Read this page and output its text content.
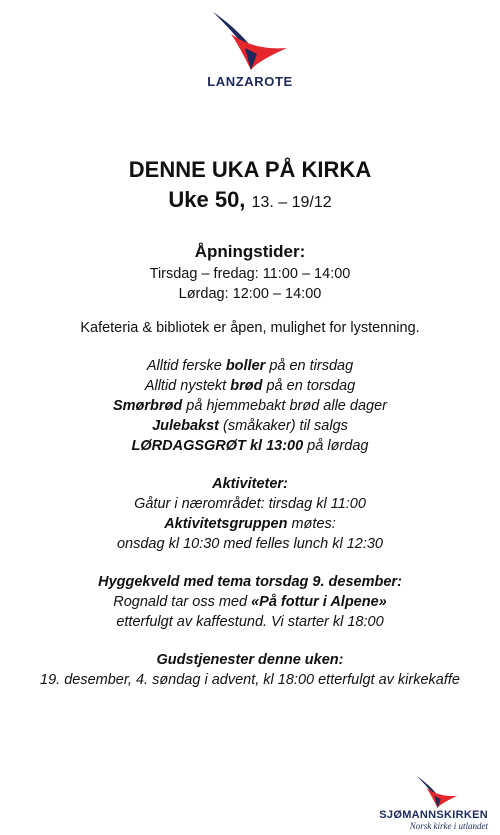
LANZAROTE

DENNE UKA PÅ KIRKA

Uke 50, 13. – 19/12

Åpningstider:

Tirsdag – fredag: 11:00 – 14:00

Lørdag: 12:00 – 14:00

Kafeteria & bibliotek er åpen, mulighet for lystenning.

Alltid ferske boller på en tirsdag

Alltid nystekt brød på en torsdag

Smørbrød på hjemmebakt brød alle dager

Julebakst (småkaker) til salgs

LØRDAGSGRØT kl 13:00 på lørdag

Aktiviteter:

Gåtur i nærområdet: tirsdag kl 11:00

Aktivitetsgruppen møtes:

onsdag kl 10:30 med felles lunch kl 12:30

Hyggekveld med tema torsdag 9. desember:

Rognald tar oss med «På fottur i Alpene»

etterfulgt av kaffestund. Vi starter kl 18:00

Gudstjenester denne uken:

19. desember, 4. søndag i advent, kl 18:00 etterfulgt av kirkekaffe

SJØMANNSKIRKEN
Norsk kirke i utlandet
